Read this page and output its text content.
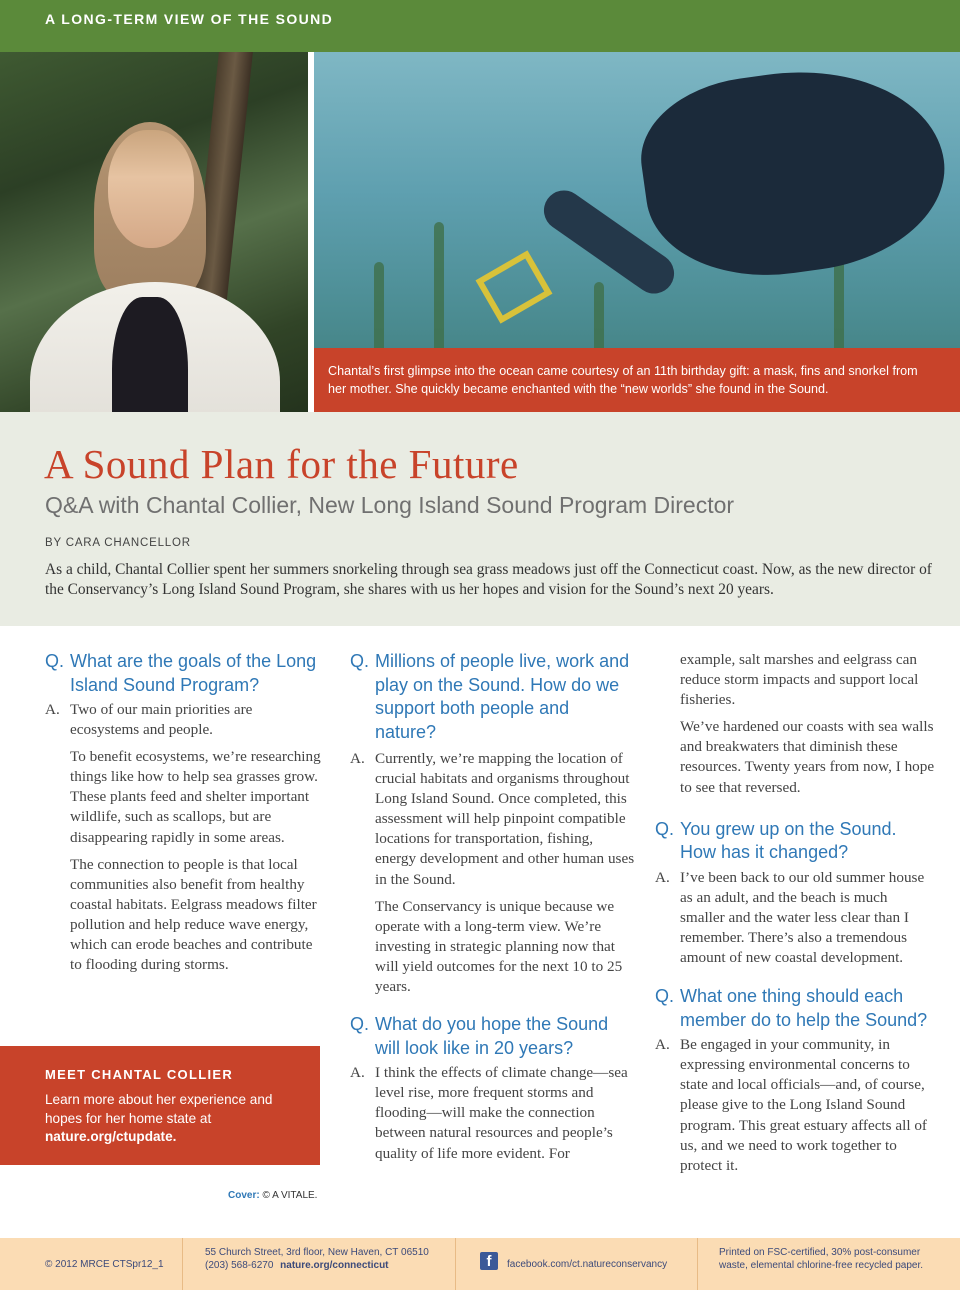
A LONG-TERM VIEW OF THE SOUND
Chantal’s first glimpse into the ocean came courtesy of an 11th birthday gift: a mask, fins and snorkel from her mother. She quickly became enchanted with the “new worlds” she found in the Sound.
A Sound Plan for the Future
Q&A with Chantal Collier, New Long Island Sound Program Director
BY CARA CHANCELLOR
As a child, Chantal Collier spent her summers snorkeling through sea grass meadows just off the Connecticut coast. Now, as the new director of the Conservancy’s Long Island Sound Program, she shares with us her hopes and vision for the Sound’s next 20 years.
Q. What are the goals of the Long Island Sound Program?
A. Two of our main priorities are ecosystems and people.
To benefit ecosystems, we’re researching things like how to help sea grasses grow. These plants feed and shelter important wildlife, such as scallops, but are disappearing rapidly in some areas.
The connection to people is that local communities also benefit from healthy coastal habitats. Eelgrass meadows filter pollution and help reduce wave energy, which can erode beaches and contribute to flooding during storms.
MEET CHANTAL COLLIER
Learn more about her experience and hopes for her home state at nature.org/ctupdate.
Cover: © A VITALE.
Q. Millions of people live, work and play on the Sound. How do we support both people and nature?
A. Currently, we’re mapping the location of crucial habitats and organisms throughout Long Island Sound. Once completed, this assessment will help pinpoint compatible locations for transportation, fishing, energy development and other human uses in the Sound.
The Conservancy is unique because we operate with a long-term view. We’re investing in strategic planning now that will yield outcomes for the next 10 to 25 years.
Q. What do you hope the Sound will look like in 20 years?
A. I think the effects of climate change—sea level rise, more frequent storms and flooding—will make the connection between natural resources and people’s quality of life more evident. For
example, salt marshes and eelgrass can reduce storm impacts and support local fisheries.
We’ve hardened our coasts with sea walls and breakwaters that diminish these resources. Twenty years from now, I hope to see that reversed.
Q. You grew up on the Sound. How has it changed?
A. I’ve been back to our old summer house as an adult, and the beach is much smaller and the water less clear than I remember. There’s also a tremendous amount of new coastal development.
Q. What one thing should each member do to help the Sound?
A. Be engaged in your community, in expressing environmental concerns to state and local officials—and, of course, please give to the Long Island Sound program. This great estuary affects all of us, and we need to work together to protect it.
© 2012 MRCE CTSpr12_1
55 Church Street, 3rd floor, New Haven, CT 06510
(203) 568-6270 nature.org/connecticut	f	facebook.com/ct.natureconservancy
Printed on FSC-certified, 30% post-consumer waste, elemental chlorine-free recycled paper.
